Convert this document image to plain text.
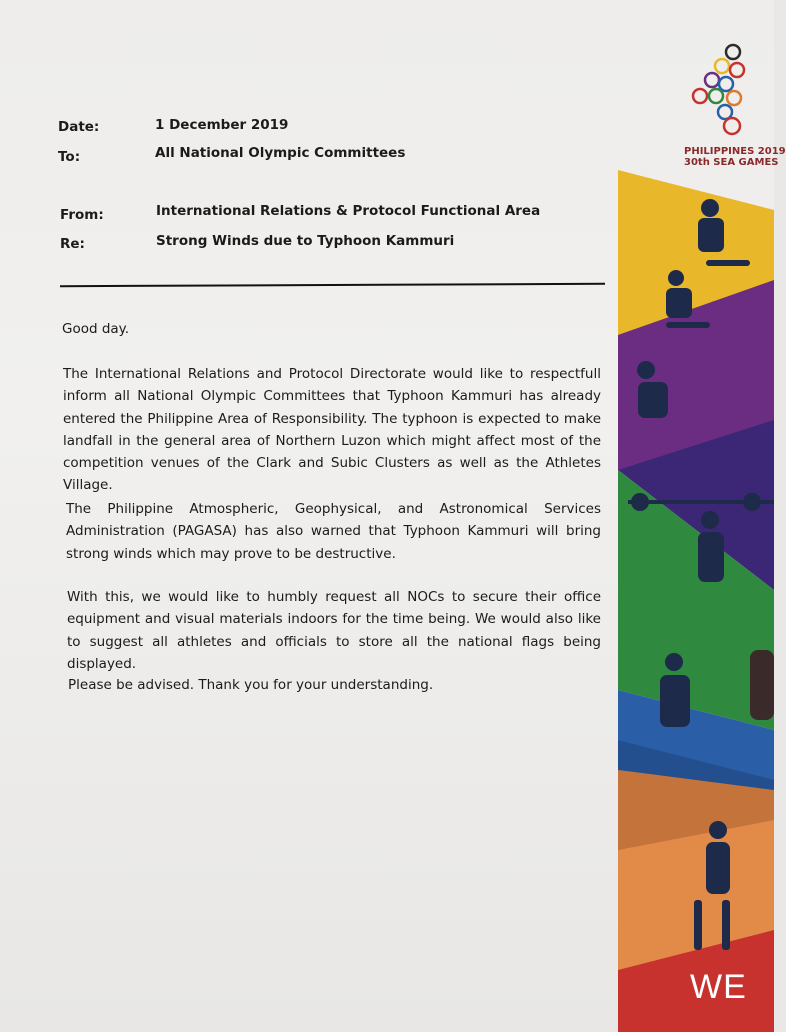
Date:	1 December 2019
To:	All National Olympic Committees
From:	International Relations & Protocol Functional Area
Re:	Strong Winds due to Typhoon Kammuri
Good day.
The International Relations and Protocol Directorate would like to respectfull inform all National Olympic Committees that Typhoon Kammuri has already entered the Philippine Area of Responsibility. The typhoon is expected to make landfall in the general area of Northern Luzon which might affect most of the competition venues of the Clark and Subic Clusters as well as the Athletes Village.
The Philippine Atmospheric, Geophysical, and Astronomical Services Administration (PAGASA) has also warned that Typhoon Kammuri will bring strong winds which may prove to be destructive.
With this, we would like to humbly request all NOCs to secure their office equipment and visual materials indoors for the time being. We would also like to suggest all athletes and officials to store all the national flags being displayed.
Please be advised. Thank you for your understanding.
PHILIPPINES 2019
30th SEA GAMES
WE
